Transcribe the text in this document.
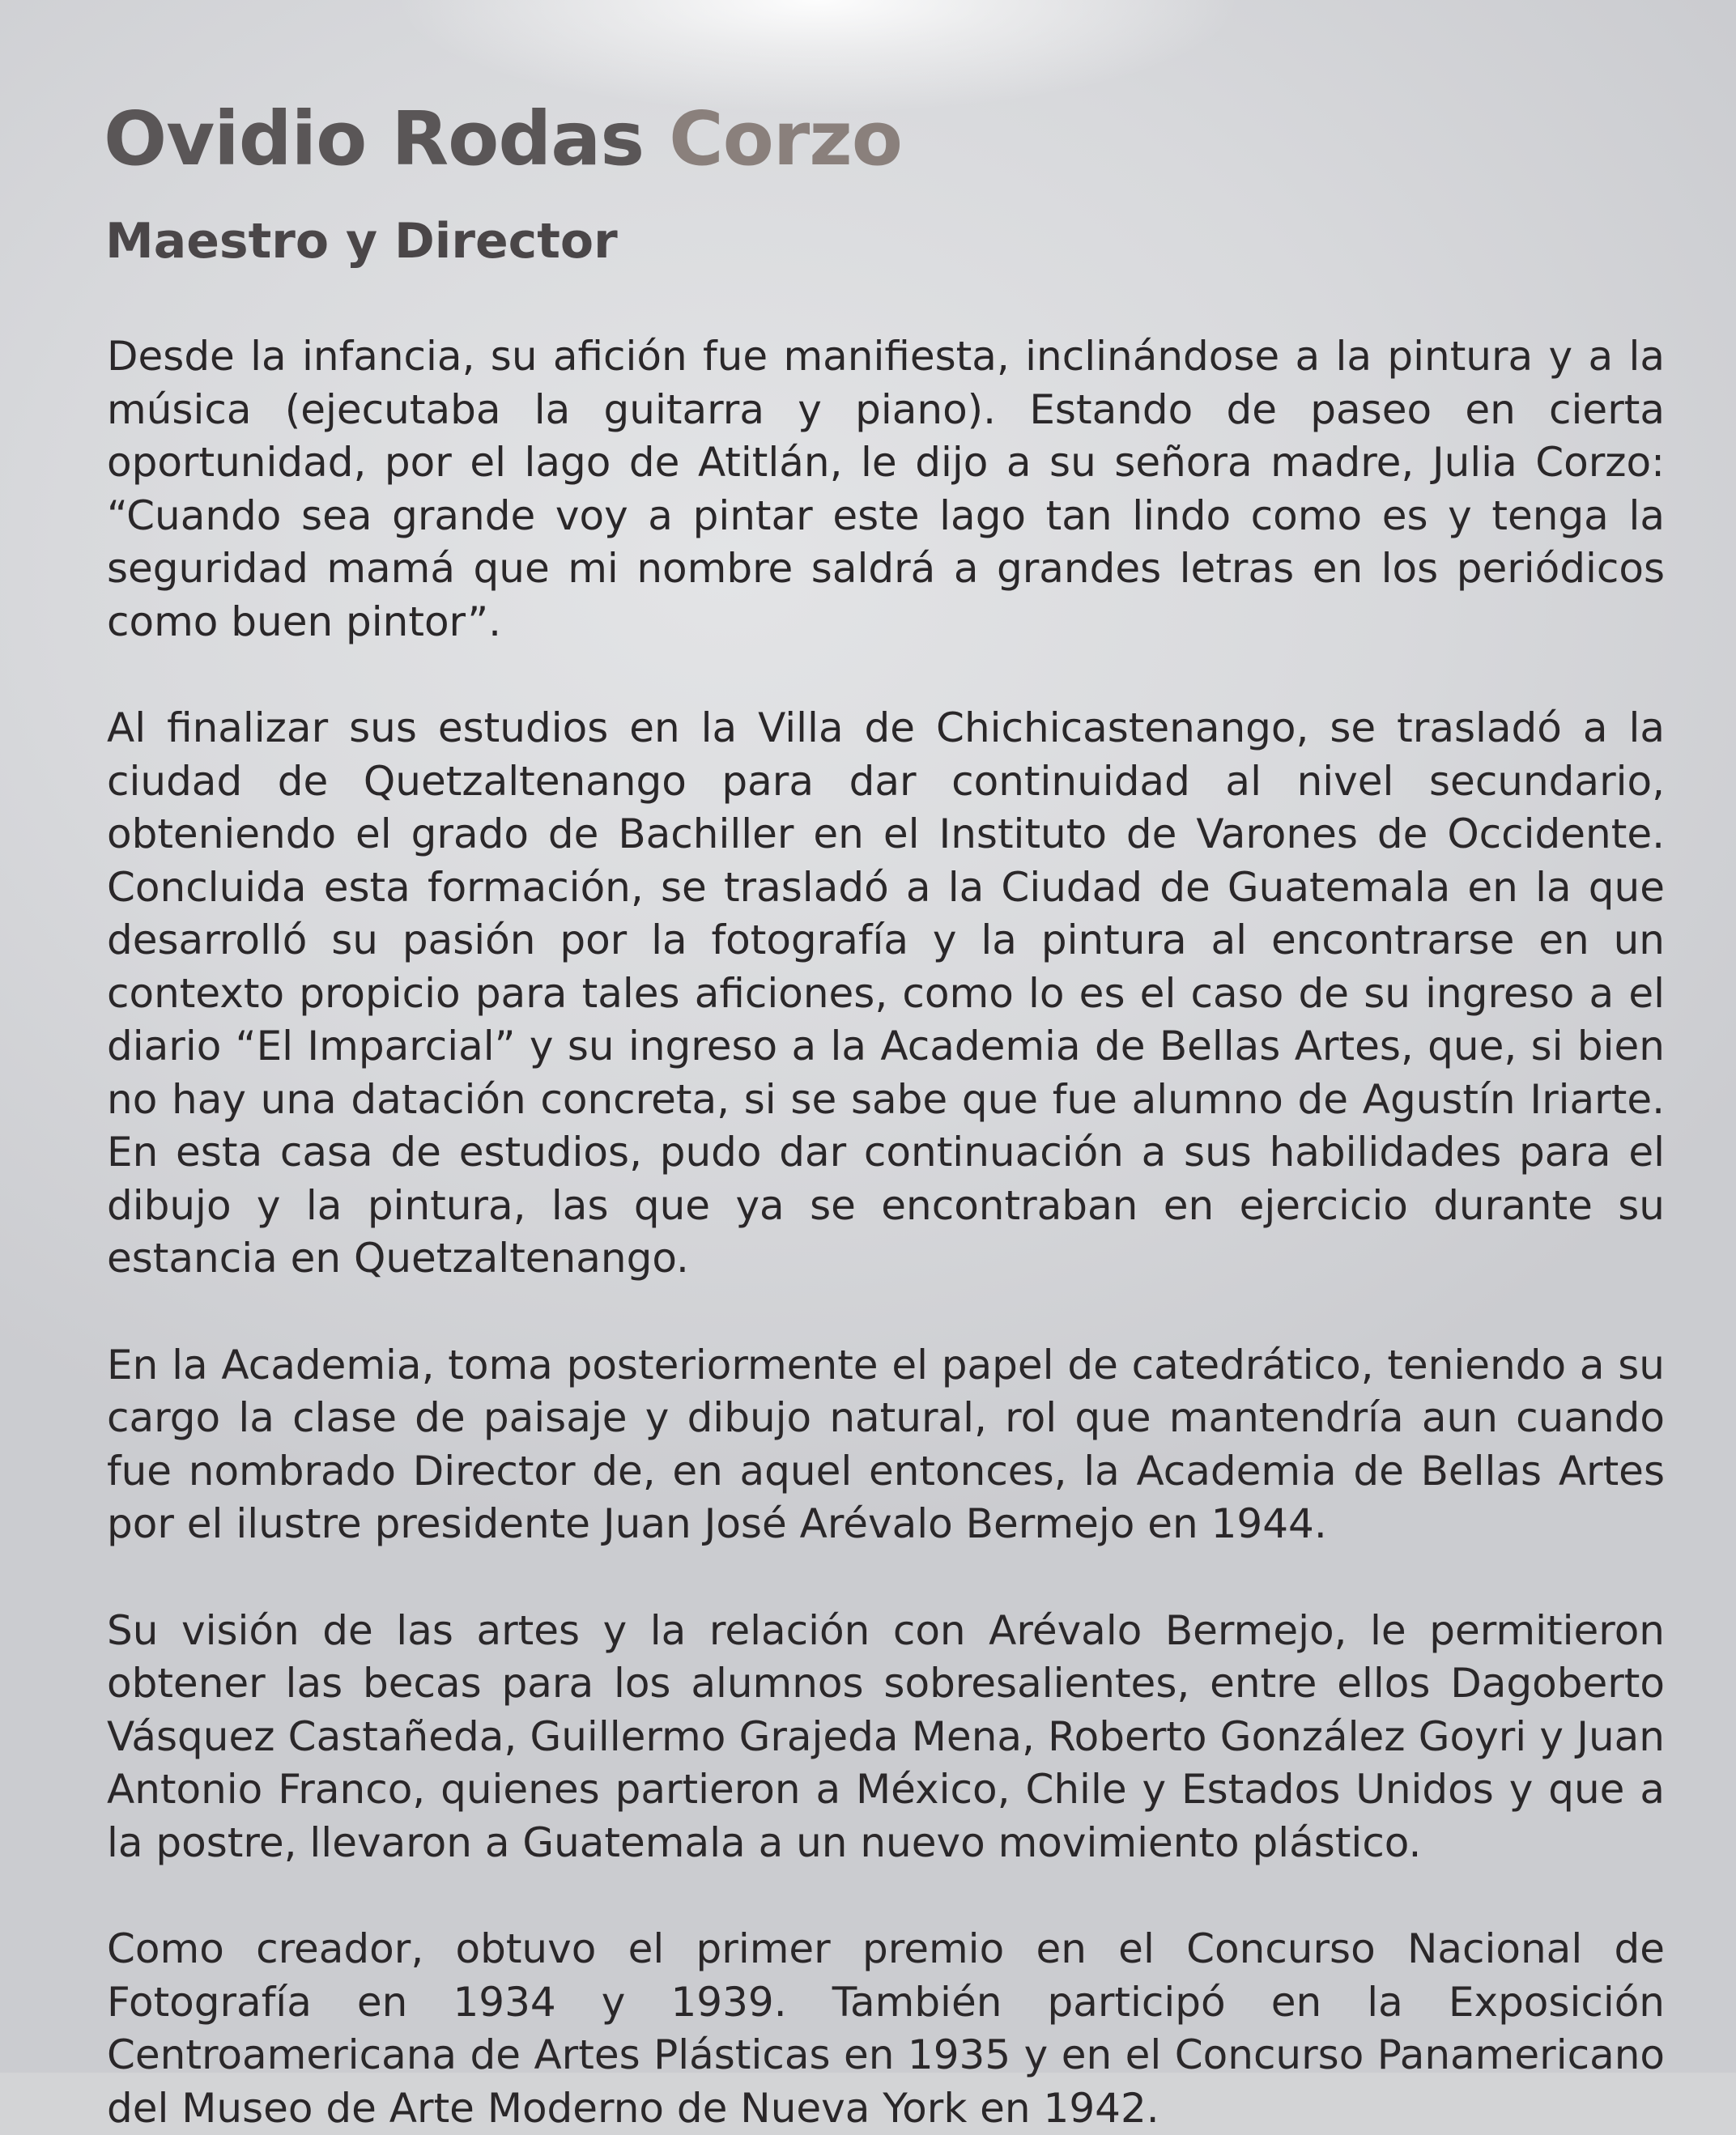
Ovidio Rodas Corzo
Maestro y Director

Desde la infancia, su afición fue manifiesta, inclinándose a la pintura y a la música (ejecutaba la guitarra y piano). Estando de paseo en cierta oportunidad, por el lago de Atitlán, le dijo a su señora madre, Julia Corzo: “Cuando sea grande voy a pintar este lago tan lindo como es y tenga la seguridad mamá que mi nombre saldrá a grandes letras en los periódicos como buen pintor”.

Al finalizar sus estudios en la Villa de Chichicastenango, se trasladó a la ciudad de Quetzaltenango para dar continuidad al nivel secundario, obteniendo el grado de Bachiller en el Instituto de Varones de Occidente. Concluida esta formación, se trasladó a la Ciudad de Guatemala en la que desarrolló su pasión por la fotografía y la pintura al encontrarse en un contexto propicio para tales aficiones, como lo es el caso de su ingreso a el diario “El Imparcial” y su ingreso a la Academia de Bellas Artes, que, si bien no hay una datación concreta, si se sabe que fue alumno de Agustín Iriarte. En esta casa de estudios, pudo dar continuación a sus habilidades para el dibujo y la pintura, las que ya se encontraban en ejercicio durante su estancia en Quetzaltenango.

En la Academia, toma posteriormente el papel de catedrático, teniendo a su cargo la clase de paisaje y dibujo natural, rol que mantendría aun cuando fue nombrado Director de, en aquel entonces, la Academia de Bellas Artes por el ilustre presidente Juan José Arévalo Bermejo en 1944.

Su visión de las artes y la relación con Arévalo Bermejo, le permitieron obtener las becas para los alumnos sobresalientes, entre ellos Dagoberto Vásquez Castañeda, Guillermo Grajeda Mena, Roberto González Goyri y Juan Antonio Franco, quienes partieron a México, Chile y Estados Unidos y que a la postre, llevaron a Guatemala a un nuevo movimiento plástico.

Como creador, obtuvo el primer premio en el Concurso Nacional de Fotografía en 1934 y 1939. También participó en la Exposición Centroamericana de Artes Plásticas en 1935 y en el Concurso Panamericano del Museo de Arte Moderno de Nueva York en 1942.
